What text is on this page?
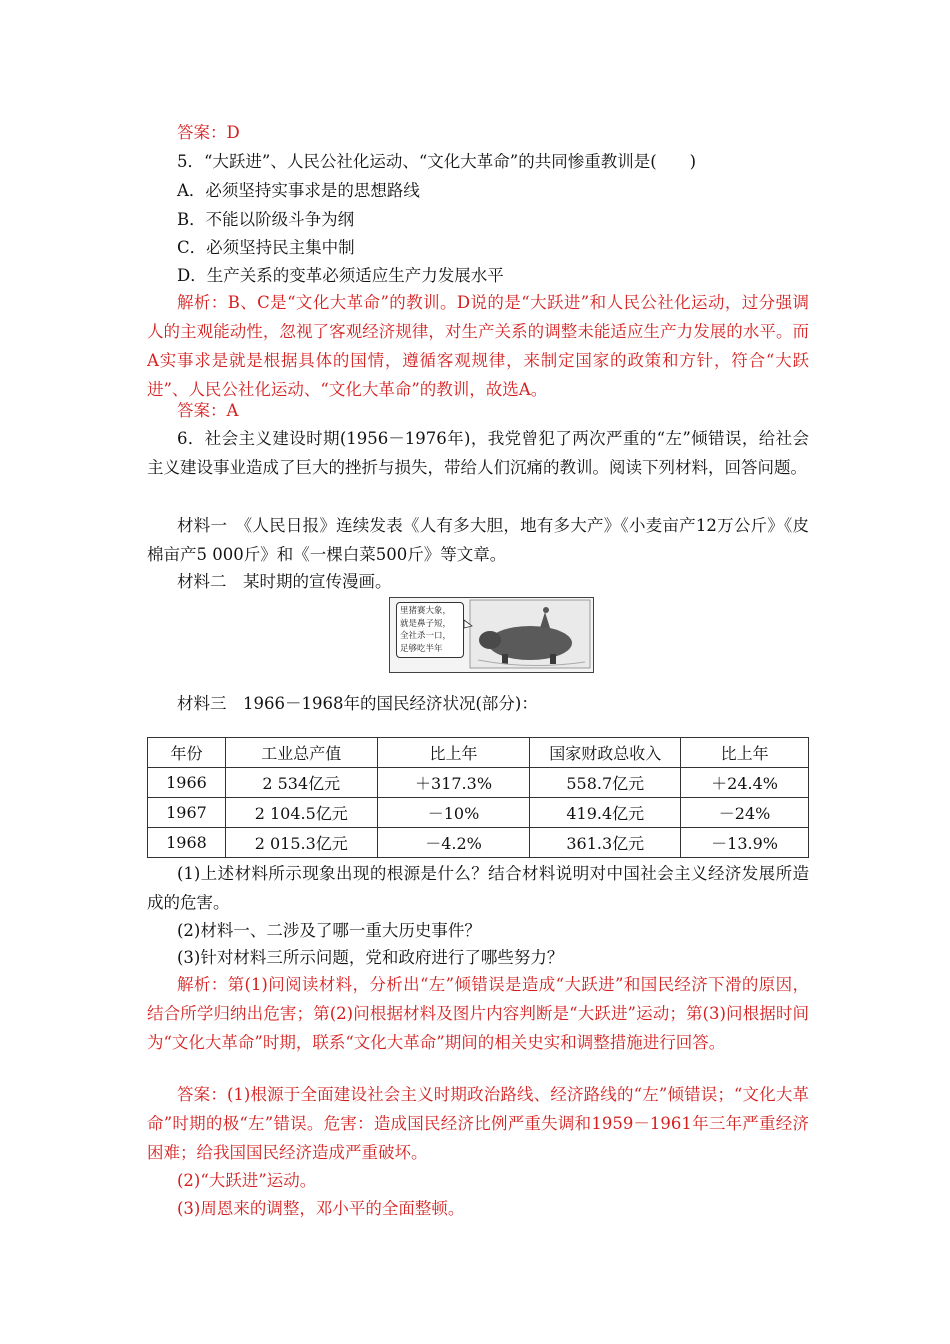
答案：D
5．“大跃进”、人民公社化运动、“文化大革命”的共同惨重教训是(　　)
A．必须坚持实事求是的思想路线
B．不能以阶级斗争为纲
C．必须坚持民主集中制
D．生产关系的变革必须适应生产力发展水平
解析：B、C是“文化大革命”的教训。D说的是“大跃进”和人民公社化运动，过分强调人的主观能动性，忽视了客观经济规律，对生产关系的调整未能适应生产力发展的水平。而A实事求是就是根据具体的国情，遵循客观规律，来制定国家的政策和方针，符合“大跃进”、人民公社化运动、“文化大革命”的教训，故选A。
答案：A
6．社会主义建设时期(1956－1976年)，我党曾犯了两次严重的“左”倾错误，给社会主义建设事业造成了巨大的挫折与损失，带给人们沉痛的教训。阅读下列材料，回答问题。
材料一　《人民日报》连续发表《人有多大胆，地有多大产》《小麦亩产12万公斤》《皮棉亩产5 000斤》和《一棵白菜500斤》等文章。
材料二　某时期的宣传漫画。
里猪赛大象，
就是鼻子短，
全社杀一口，
足够吃半年
材料三　1966－1968年的国民经济状况(部分)：
年份	工业总产值	比上年	国家财政总收入	比上年
1966	2 534亿元	＋317.3%	558.7亿元	＋24.4%
1967	2 104.5亿元	－10%	419.4亿元	－24%
1968	2 015.3亿元	－4.2%	361.3亿元	－13.9%
(1)上述材料所示现象出现的根源是什么？结合材料说明对中国社会主义经济发展所造成的危害。
(2)材料一、二涉及了哪一重大历史事件？
(3)针对材料三所示问题，党和政府进行了哪些努力？
解析：第(1)问阅读材料，分析出“左”倾错误是造成“大跃进”和国民经济下滑的原因，结合所学归纳出危害；第(2)问根据材料及图片内容判断是“大跃进”运动；第(3)问根据时间为“文化大革命”时期，联系“文化大革命”期间的相关史实和调整措施进行回答。
答案：(1)根源于全面建设社会主义时期政治路线、经济路线的“左”倾错误；“文化大革命”时期的极“左”错误。危害：造成国民经济比例严重失调和1959－1961年三年严重经济困难；给我国国民经济造成严重破坏。
(2)“大跃进”运动。
(3)周恩来的调整，邓小平的全面整顿。
